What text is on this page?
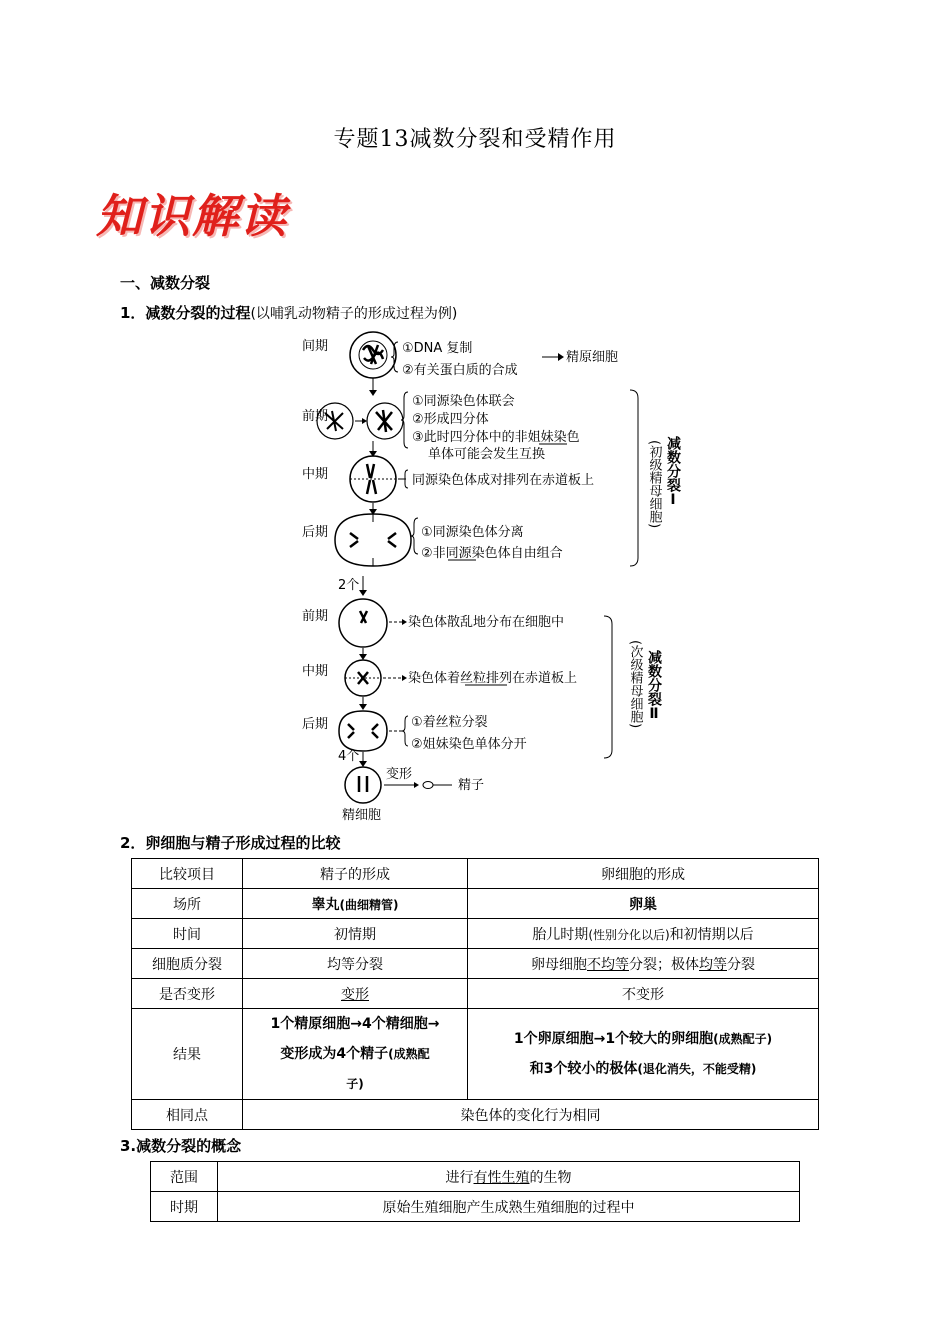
专题13减数分裂和受精作用
知识解读
一、减数分裂
1．减数分裂的过程(以哺乳动物精子的形成过程为例)
间期
前期
中期
后期
前期
中期
后期
①DNA 复制
②有关蛋白质的合成
精原细胞
①同源染色体联会
②形成四分体
③此时四分体中的非姐妹染色
单体可能会发生互换
同源染色体成对排列在赤道板上
①同源染色体分离
②非同源染色体自由组合
(初级精母细胞) 减数分裂Ⅰ
2个
染色体散乱地分布在细胞中
染色体着丝粒排列在赤道板上
①着丝粒分裂
②姐妹染色单体分开
(次级精母细胞) 减数分裂Ⅱ
4个
变形
精子
精细胞
2．卵细胞与精子形成过程的比较
比较项目	精子的形成	卵细胞的形成
场所	睾丸(曲细精管)	卵巢
时间	初情期	胎儿时期(性别分化以后)和初情期以后
细胞质分裂	均等分裂	卵母细胞不均等分裂；极体均等分裂
是否变形	变形	不变形
结果	1个精原细胞→4个精细胞→
变形成为4个精子(成熟配
子)	1个卵原细胞→1个较大的卵细胞(成熟配子)
和3个较小的极体(退化消失，不能受精)
相同点	染色体的变化行为相同	
3.减数分裂的概念
范围	进行有性生殖的生物
时期	原始生殖细胞产生成熟生殖细胞的过程中
